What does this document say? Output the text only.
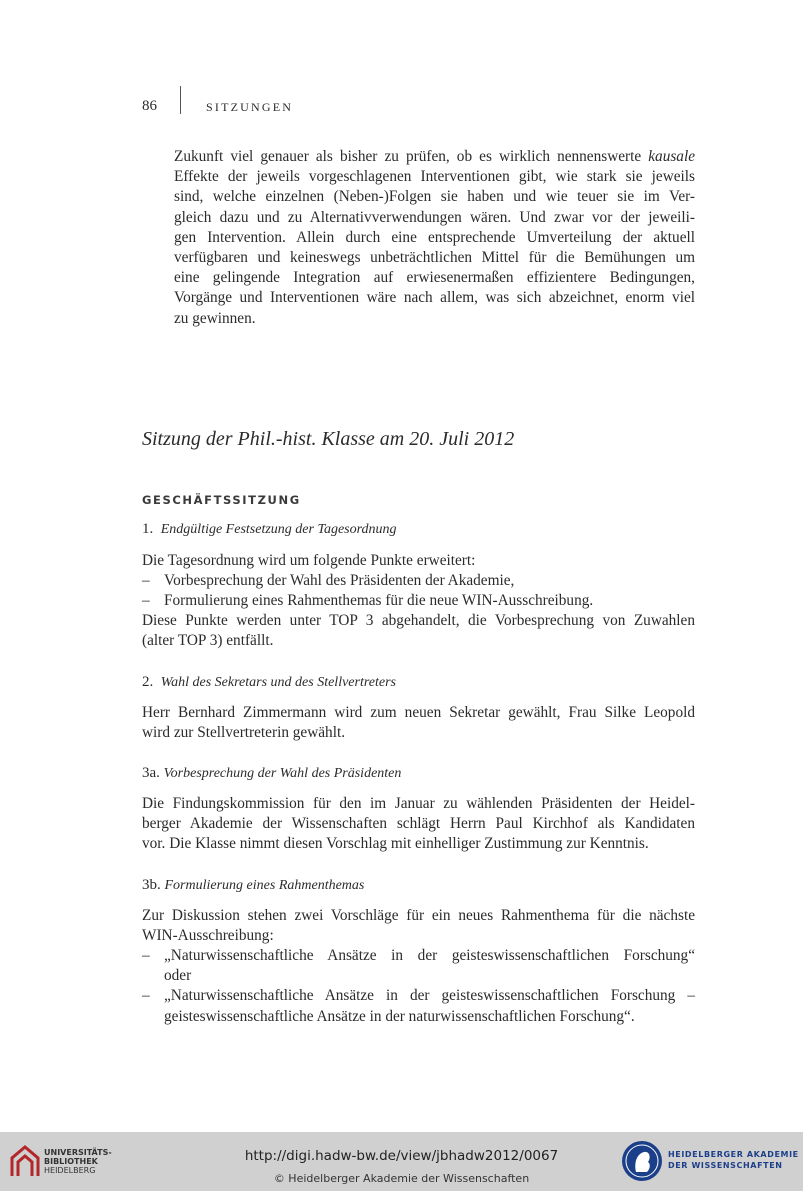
86	SITZUNGEN
Zukunft viel genauer als bisher zu prüfen, ob es wirklich nennenswerte kausale
Effekte der jeweils vorgeschlagenen Interventionen gibt, wie stark sie jeweils
sind, welche einzelnen (Neben-)Folgen sie haben und wie teuer sie im Ver-
gleich dazu und zu Alternativverwendungen wären. Und zwar vor der jeweili-
gen Intervention. Allein durch eine entsprechende Umverteilung der aktuell
verfügbaren und keineswegs unbeträchtlichen Mittel für die Bemühungen um
eine gelingende Integration auf erwiesenermaßen effizientere Bedingungen,
Vorgänge und Interventionen wäre nach allem, was sich abzeichnet, enorm viel
zu gewinnen.
Sitzung der Phil.-hist. Klasse am 20. Juli 2012
GESCHÄFTSSITZUNG
1. Endgültige Festsetzung der Tagesordnung
Die Tagesordnung wird um folgende Punkte erweitert:
– Vorbesprechung der Wahl des Präsidenten der Akademie,
– Formulierung eines Rahmenthemas für die neue WIN-Ausschreibung.
Diese Punkte werden unter TOP 3 abgehandelt, die Vorbesprechung von Zuwahlen
(alter TOP 3) entfällt.
2. Wahl des Sekretars und des Stellvertreters
Herr Bernhard Zimmermann wird zum neuen Sekretar gewählt, Frau Silke Leopold
wird zur Stellvertreterin gewählt.
3a. Vorbesprechung der Wahl des Präsidenten
Die Findungskommission für den im Januar zu wählenden Präsidenten der Heidel-
berger Akademie der Wissenschaften schlägt Herrn Paul Kirchhof als Kandidaten
vor. Die Klasse nimmt diesen Vorschlag mit einhelliger Zustimmung zur Kenntnis.
3b. Formulierung eines Rahmenthemas
Zur Diskussion stehen zwei Vorschläge für ein neues Rahmenthema für die nächste
WIN-Ausschreibung:
– „Naturwissenschaftliche Ansätze in der geisteswissenschaftlichen Forschung“
oder
– „Naturwissenschaftliche Ansätze in der geisteswissenschaftlichen Forschung –
geisteswissenschaftliche Ansätze in der naturwissenschaftlichen Forschung“.
UNIVERSITÄTS-
BIBLIOTHEK
HEIDELBERG
http://digi.hadw-bw.de/view/jbhadw2012/0067
© Heidelberger Akademie der Wissenschaften
HEIDELBERGER AKADEMIE
DER WISSENSCHAFTEN
